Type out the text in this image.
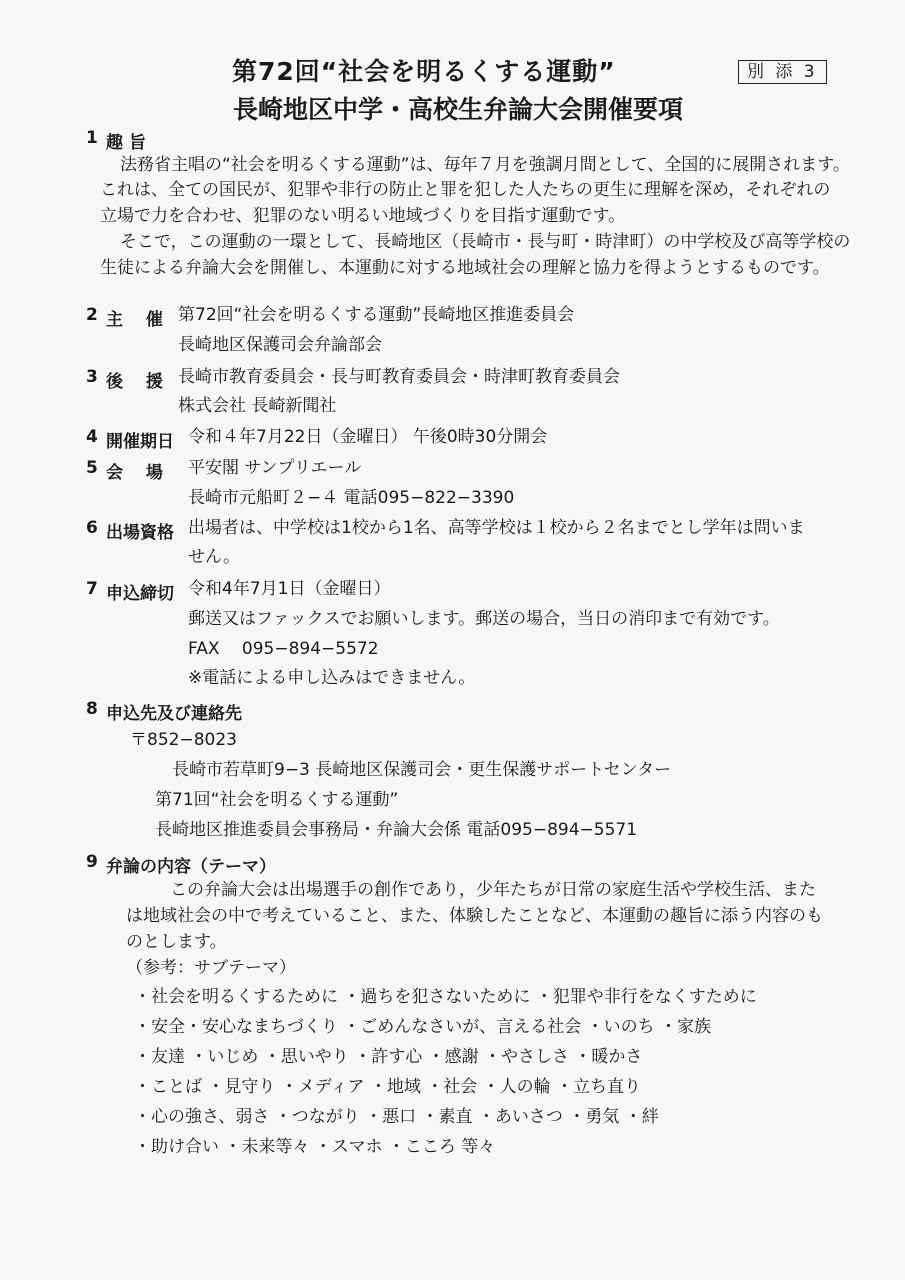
第72回“社会を明るくする運動”	別 添 3
長崎地区中学・高校生弁論大会開催要項
1 趣 旨
法務省主唱の“社会を明るくする運動”は、毎年７月を強調月間として、全国的に展開されます。
これは、全ての国民が、犯罪や非行の防止と罪を犯した人たちの更生に理解を深め，それぞれの
立場で力を合わせ、犯罪のない明るい地域づくりを目指す運動です。
そこで，この運動の一環として、長崎地区（長崎市・長与町・時津町）の中学校及び高等学校の
生徒による弁論大会を開催し、本運動に対する地域社会の理解と協力を得ようとするものです。
2 主　 催 第72回“社会を明るくする運動”長崎地区推進委員会
長崎地区保護司会弁論部会
3 後　 援 長崎市教育委員会・長与町教育委員会・時津町教育委員会
株式会社 長崎新聞社
4 開催期日 令和４年7月22日（金曜日） 午後0時30分開会
5 会　 場 平安閣 サンプリエール
長崎市元船町２−４ 電話095−822−3390
6 出場資格 出場者は、中学校は1校から1名、高等学校は１校から２名までとし学年は問いま
せん。
7 申込締切 令和4年7月1日（金曜日）
郵送又はファックスでお願いします。郵送の場合，当日の消印まで有効です。
FAX　 095−894−5572
※電話による申し込みはできません。
8 申込先及び連絡先
〒852−8023
長崎市若草町9−3 長崎地区保護司会・更生保護サポートセンター
第71回“社会を明るくする運動”
長崎地区推進委員会事務局・弁論大会係 電話095−894−5571
9 弁論の内容（テーマ）
この弁論大会は出場選手の創作であり，少年たちが日常の家庭生活や学校生活、また
は地域社会の中で考えていること、また、体験したことなど、本運動の趣旨に添う内容のも
のとします。
（参考：サブテーマ）
・社会を明るくするために ・過ちを犯さないために ・犯罪や非行をなくすために
・安全・安心なまちづくり ・ごめんなさいが、言える社会 ・いのち ・家族
・友達 ・いじめ ・思いやり ・許す心 ・感謝 ・やさしさ ・暖かさ
・ことば ・見守り ・メディア ・地域 ・社会 ・人の輪 ・立ち直り
・心の強さ、弱さ ・つながり ・悪口 ・素直 ・あいさつ ・勇気 ・絆
・助け合い ・未来等々 ・スマホ ・こころ 等々
